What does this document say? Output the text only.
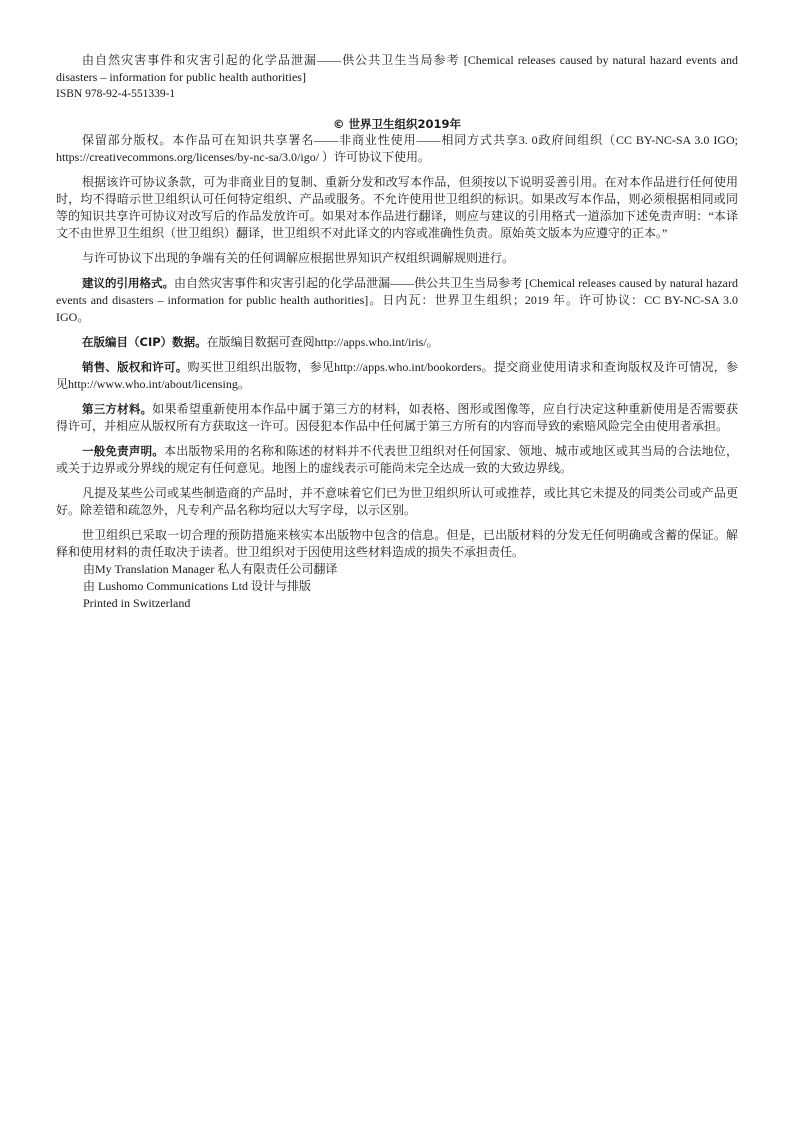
由自然灾害事件和灾害引起的化学品泄漏——供公共卫生当局参考 [Chemical releases caused by natural hazard events and disasters – information for public health authorities]

ISBN 978-92-4-551339-1

© 世界卫生组织2019年

保留部分版权。本作品可在知识共享署名——非商业性使用——相同方式共享3. 0政府间组织（CC BY-NC-SA 3.0 IGO; https://creativecommons.org/licenses/by-nc-sa/3.0/igo/ ）许可协议下使用。

根据该许可协议条款，可为非商业目的复制、重新分发和改写本作品，但须按以下说明妥善引用。在对本作品进行任何使用时，均不得暗示世卫组织认可任何特定组织、产品或服务。不允许使用世卫组织的标识。如果改写本作品，则必须根据相同或同等的知识共享许可协议对改写后的作品发放许可。如果对本作品进行翻译，则应与建议的引用格式一道添加下述免责声明：“本译文不由世界卫生组织（世卫组织）翻译，世卫组织不对此译文的内容或准确性负责。原始英文版本为应遵守的正本。”

与许可协议下出现的争端有关的任何调解应根据世界知识产权组织调解规则进行。

建议的引用格式。由自然灾害事件和灾害引起的化学品泄漏——供公共卫生当局参考 [Chemical releases caused by natural hazard events and disasters – information for public health authorities]。日内瓦：世界卫生组织；2019 年。许可协议：CC BY-NC-SA 3.0 IGO。

在版编目（CIP）数据。在版编目数据可查阅http://apps.who.int/iris/。

销售、版权和许可。购买世卫组织出版物，参见http://apps.who.int/bookorders。提交商业使用请求和查询版权及许可情况，参见http://www.who.int/about/licensing。

第三方材料。如果希望重新使用本作品中属于第三方的材料，如表格、图形或图像等，应自行决定这种重新使用是否需要获得许可，并相应从版权所有方获取这一许可。因侵犯本作品中任何属于第三方所有的内容而导致的索赔风险完全由使用者承担。

一般免责声明。本出版物采用的名称和陈述的材料并不代表世卫组织对任何国家、领地、城市或地区或其当局的合法地位，或关于边界或分界线的规定有任何意见。地图上的虚线表示可能尚未完全达成一致的大致边界线。

凡提及某些公司或某些制造商的产品时，并不意味着它们已为世卫组织所认可或推荐，或比其它未提及的同类公司或产品更好。除差错和疏忽外，凡专利产品名称均冠以大写字母，以示区别。

世卫组织已采取一切合理的预防措施来核实本出版物中包含的信息。但是，已出版材料的分发无任何明确或含蓄的保证。解释和使用材料的责任取决于读者。世卫组织对于因使用这些材料造成的损失不承担责任。

由My Translation Manager 私人有限责任公司翻译

由 Lushomo Communications Ltd 设计与排版

Printed in Switzerland
